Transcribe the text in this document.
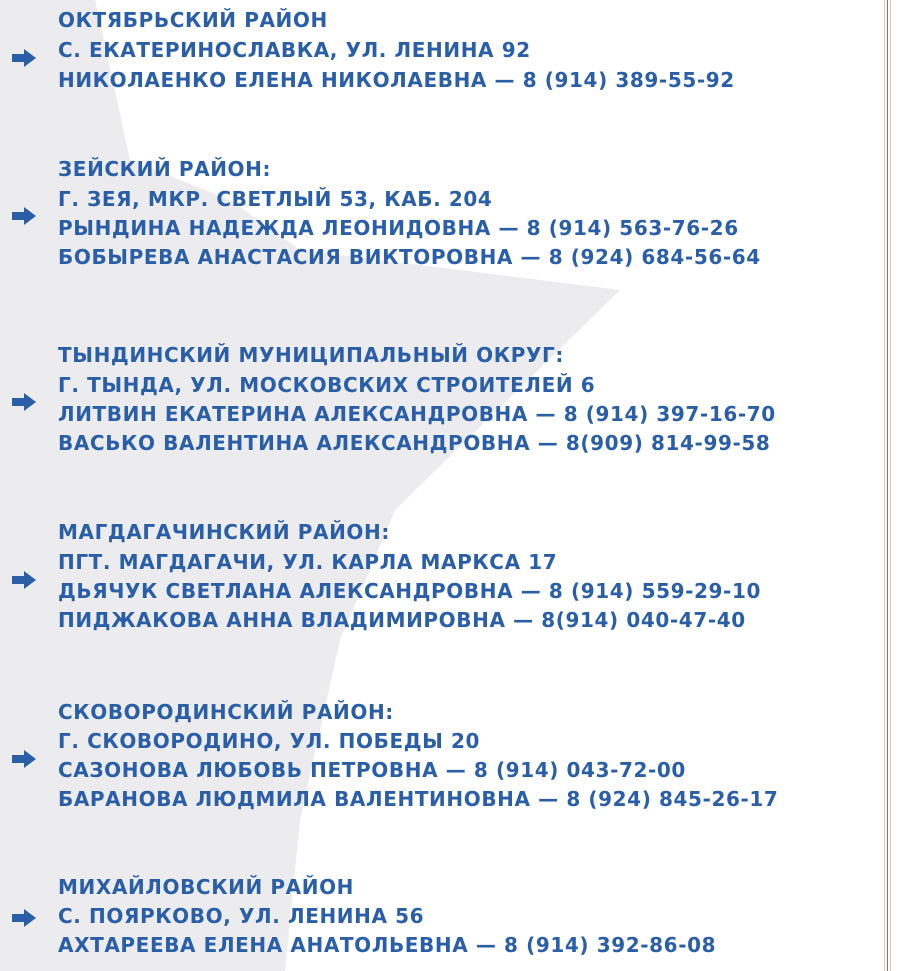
ОКТЯБРЬСКИЙ РАЙОН
С. ЕКАТЕРИНОСЛАВКА, УЛ. ЛЕНИНА 92
НИКОЛАЕНКО ЕЛЕНА НИКОЛАЕВНА — 8 (914) 389-55-92
ЗЕЙСКИЙ РАЙОН:
Г. ЗЕЯ, МКР. СВЕТЛЫЙ 53, КАБ. 204
РЫНДИНА НАДЕЖДА ЛЕОНИДОВНА — 8 (914) 563-76-26
БОБЫРЕВА АНАСТАСИЯ ВИКТОРОВНА — 8 (924) 684-56-64
ТЫНДИНСКИЙ МУНИЦИПАЛЬНЫЙ ОКРУГ:
Г. ТЫНДА, УЛ. МОСКОВСКИХ СТРОИТЕЛЕЙ 6
ЛИТВИН ЕКАТЕРИНА АЛЕКСАНДРОВНА — 8 (914) 397-16-70
ВАСЬКО ВАЛЕНТИНА АЛЕКСАНДРОВНА — 8(909) 814-99-58
МАГДАГАЧИНСКИЙ РАЙОН:
ПГТ. МАГДАГАЧИ, УЛ. КАРЛА МАРКСА 17
ДЬЯЧУК СВЕТЛАНА АЛЕКСАНДРОВНА — 8 (914) 559-29-10
ПИДЖАКОВА АННА ВЛАДИМИРОВНА — 8(914) 040-47-40
СКОВОРОДИНСКИЙ РАЙОН:
Г. СКОВОРОДИНО, УЛ. ПОБЕДЫ 20
САЗОНОВА ЛЮБОВЬ ПЕТРОВНА — 8 (914) 043-72-00
БАРАНОВА ЛЮДМИЛА ВАЛЕНТИНОВНА — 8 (924) 845-26-17
МИХАЙЛОВСКИЙ РАЙОН
С. ПОЯРКОВО, УЛ. ЛЕНИНА 56
АХТАРЕЕВА ЕЛЕНА АНАТОЛЬЕВНА — 8 (914) 392-86-08
